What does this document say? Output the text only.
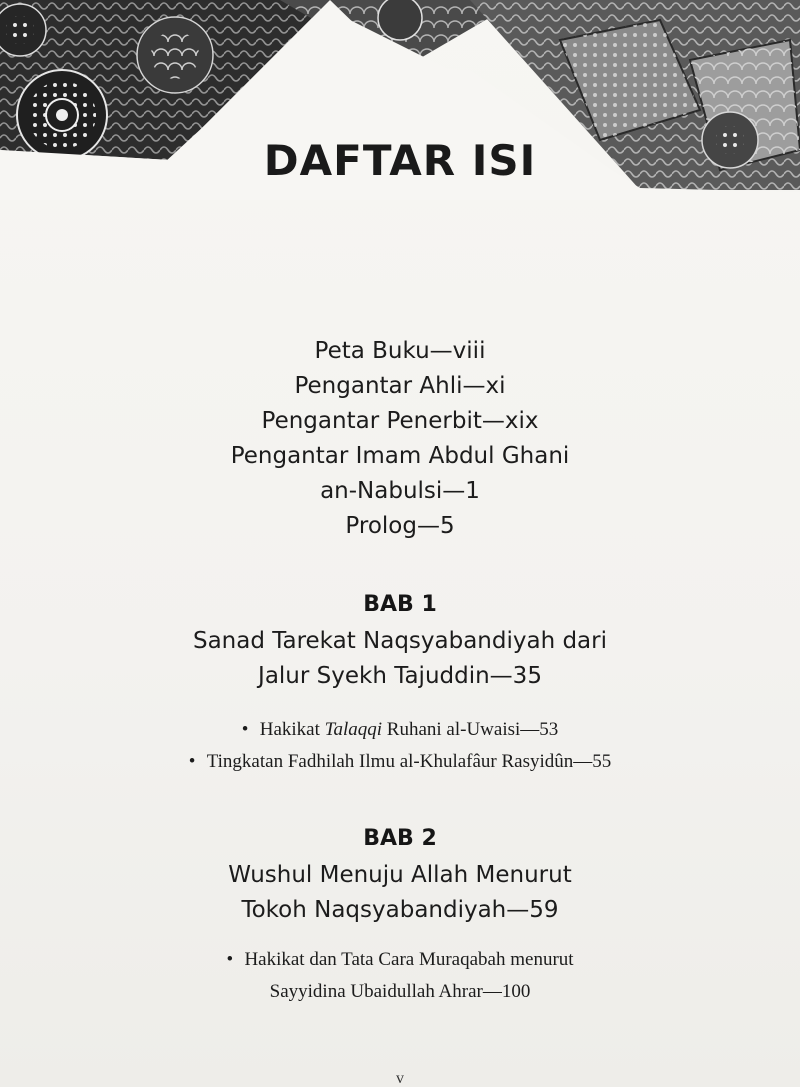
DAFTAR ISI
Peta Buku—viii
Pengantar Ahli—xi
Pengantar Penerbit—xix
Pengantar Imam Abdul Ghani
an-Nabulsi—1
Prolog—5
BAB 1
Sanad Tarekat Naqsyabandiyah dari
Jalur Syekh Tajuddin—35
• Hakikat Talaqqi Ruhani al-Uwaisi—53
• Tingkatan Fadhilah Ilmu al-Khulafâur Rasyidûn—55
BAB 2
Wushul Menuju Allah Menurut
Tokoh Naqsyabandiyah—59
• Hakikat dan Tata Cara Muraqabah menurut
Sayyidina Ubaidullah Ahrar—100
v
